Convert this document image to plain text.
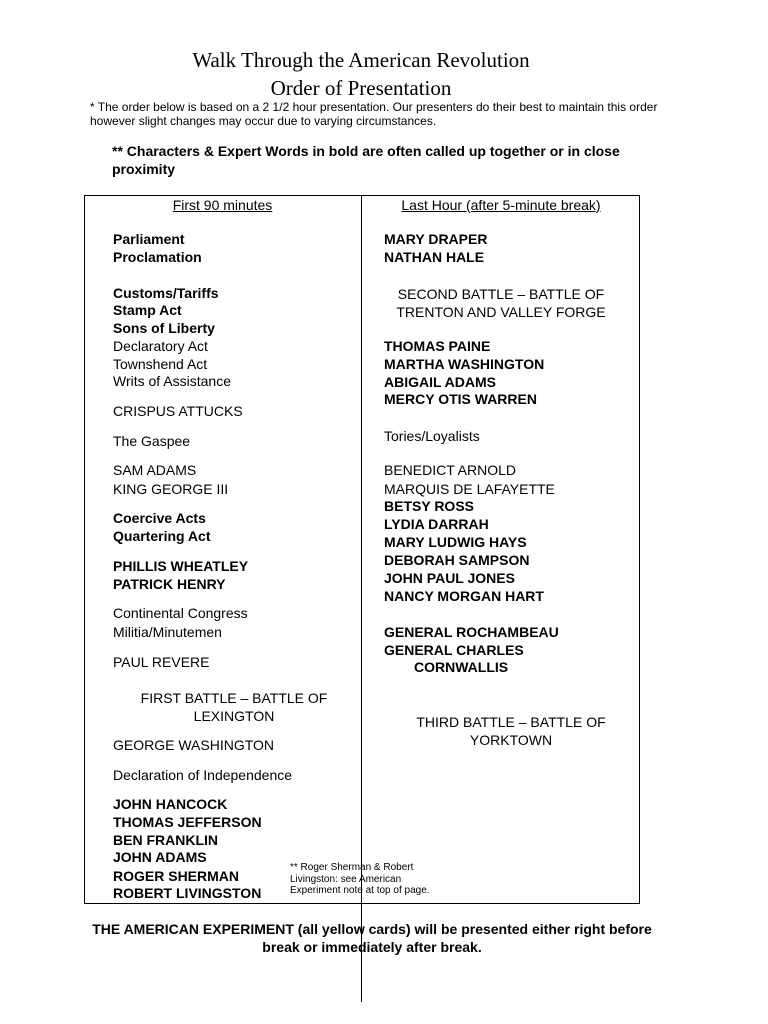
Walk Through the American Revolution
Order of Presentation
* The order below is based on a 2 1/2 hour presentation. Our presenters do their best to maintain this order however slight changes may occur due to varying circumstances.
** Characters & Expert Words in bold are often called up together or in close proximity
First 90 minutes	Last Hour (after 5-minute break)
Parliament
Proclamation
Customs/Tariffs
Stamp Act
Sons of Liberty
Declaratory Act
Townshend Act
Writs of Assistance
CRISPUS ATTUCKS
The Gaspee
SAM ADAMS
KING GEORGE III
Coercive Acts
Quartering Act
PHILLIS WHEATLEY
PATRICK HENRY
Continental Congress
Militia/Minutemen
PAUL REVERE
FIRST BATTLE – BATTLE OF
LEXINGTON
GEORGE WASHINGTON
Declaration of Independence
JOHN HANCOCK
THOMAS JEFFERSON
BEN FRANKLIN
JOHN ADAMS
ROGER SHERMAN
ROBERT LIVINGSTON
** Roger Sherman & Robert Livingston: see American Experiment note at top of page.
MARY DRAPER
NATHAN HALE
SECOND BATTLE – BATTLE OF
TRENTON AND VALLEY FORGE
THOMAS PAINE
MARTHA WASHINGTON
ABIGAIL ADAMS
MERCY OTIS WARREN
Tories/Loyalists
BENEDICT ARNOLD
MARQUIS DE LAFAYETTE
BETSY ROSS
LYDIA DARRAH
MARY LUDWIG HAYS
DEBORAH SAMPSON
JOHN PAUL JONES
NANCY MORGAN HART
GENERAL ROCHAMBEAU
GENERAL CHARLES
CORNWALLIS
THIRD BATTLE – BATTLE OF
YORKTOWN
THE AMERICAN EXPERIMENT (all yellow cards) will be presented either right before break or immediately after break.
